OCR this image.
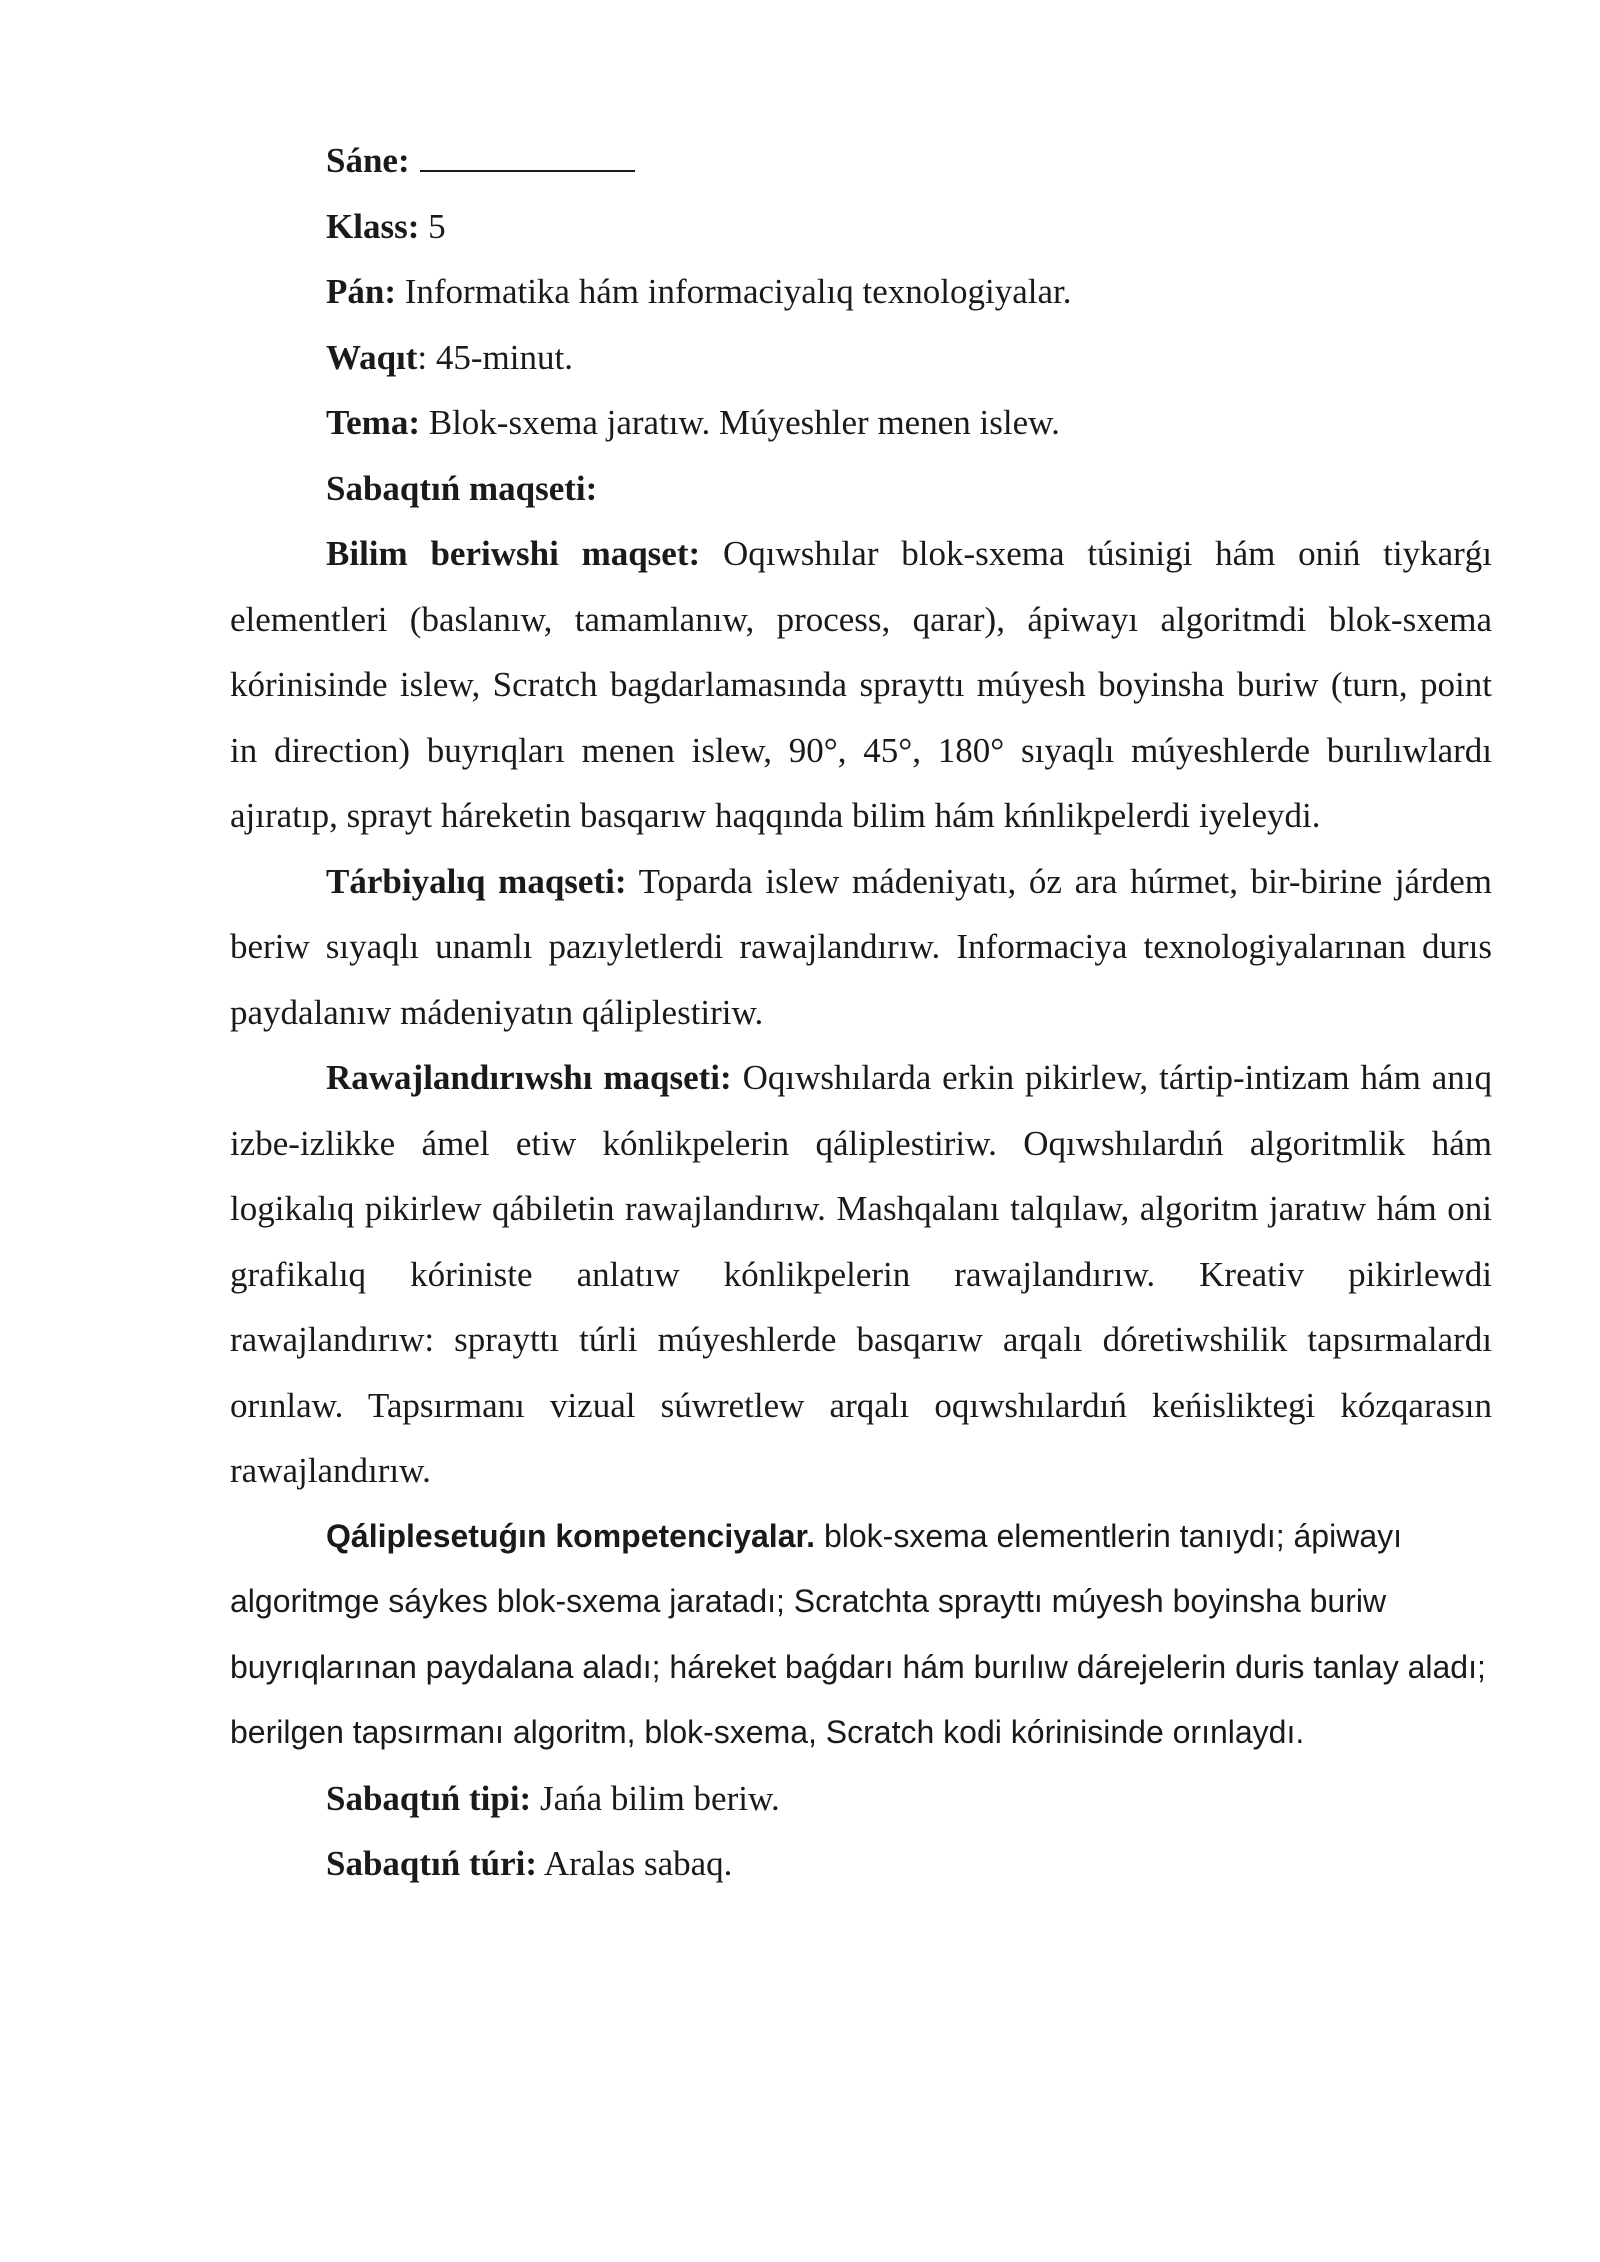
Sáne:

Klass: 5

Pán: Informatika hám informaciyalıq texnologiyalar.

Waqıt: 45-minut.

Tema: Blok-sxema jaratıw. Múyeshler menen islew.

Sabaqtıń maqseti:

Bilim beriwshi maqset: Oqıwshılar blok-sxema túsinigi hám oniń tiykarǵı elementleri (baslanıw, tamamlanıw, process, qarar), ápiwayı algoritmdi blok-sxema kórinisinde islew, Scratch bagdarlamasında sprayttı múyesh boyinsha buriw (turn, point in direction) buyrıqları menen islew, 90°, 45°, 180° sıyaqlı múyeshlerde burılıwlardı ajıratıp, sprayt háreketin basqarıw haqqında bilim hám kńnlikpelerdi iyeleydi.

Tárbiyalıq maqseti: Toparda islew mádeniyatı, óz ara húrmet, bir-birine járdem beriw sıyaqlı unamlı pazıyletlerdi rawajlandırıw. Informaciya texnologiyalarınan durıs paydalanıw mádeniyatın qáliplestiriw.

Rawajlandırıwshı maqseti: Oqıwshılarda erkin pikirlew, tártip-intizam hám anıq izbe-izlikke ámel etiw kónlikpelerin qáliplestiriw. Oqıwshılardıń algoritmlik hám logikalıq pikirlew qábiletin rawajlandırıw. Mashqalanı talqılaw, algoritm jaratıw hám oni grafikalıq kóriniste anlatıw kónlikpelerin rawajlandırıw. Kreativ pikirlewdi rawajlandırıw: sprayttı túrli múyeshlerde basqarıw arqalı dóretiwshilik tapsırmalardı orınlaw. Tapsırmanı vizual súwretlew arqalı oqıwshılardıń keńisliktegi kózqarasın rawajlandırıw.

Qáliplesetuǵın kompetenciyalar. blok-sxema elementlerin tanıydı; ápiwayı algoritmge sáykes blok-sxema jaratadı; Scratchta sprayttı múyesh boyinsha buriw buyrıqlarınan paydalana aladı; háreket baǵdarı hám burılıw dárejelerin duris tanlay aladı; berilgen tapsırmanı algoritm, blok-sxema, Scratch kodi kórinisinde orınlaydı.

Sabaqtıń tipi: Jańa bilim beriw.

Sabaqtıń túri: Aralas sabaq.
